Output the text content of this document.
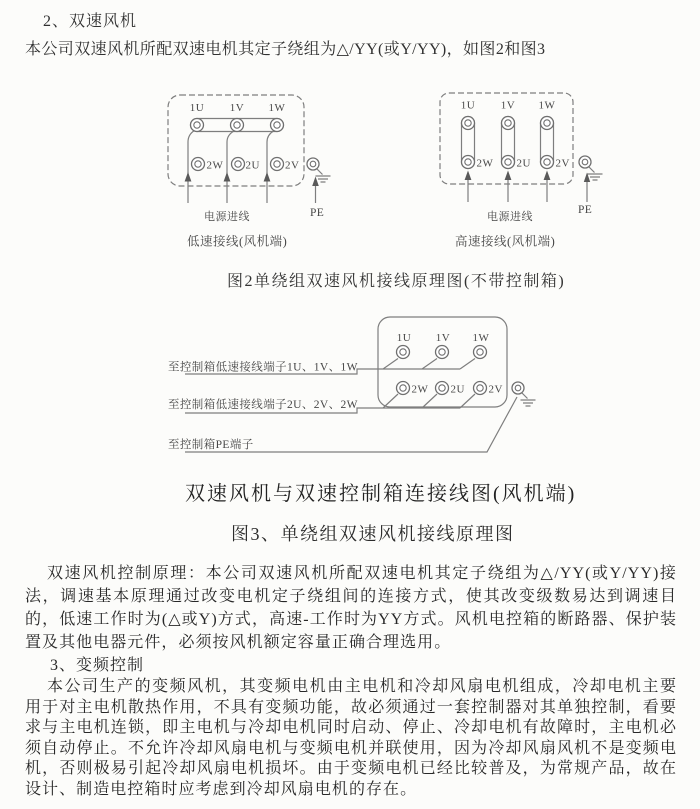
2、双速风机
本公司双速风机所配双速电机其定子绕组为△/YY(或Y/YY)，如图2和图3
1U 1V 1W
2W 2U 2V
电源进线	PE
低速接线(风机端)
1U 1V 1W
2W 2U 2V
电源进线
PE
高速接线(风机端)
图2单绕组双速风机接线原理图(不带控制箱)
1U 1V 1W
2W 2U 2V
至控制箱低速接线端子1U、1V、1W
至控制箱低速接线端子2U、2V、2W
至控制箱PE端子
双速风机与双速控制箱连接线图(风机端)
图3、单绕组双速风机接线原理图

双速风机控制原理：本公司双速风机所配双速电机其定子绕组为△/YY(或Y/YY)接法，调速基本原理通过改变电机定子绕组间的连接方式，使其改变级数易达到调速目的，低速工作时为(△或Y)方式，高速-工作时为YY方式。风机电控箱的断路器、保护装置及其他电器元件，必须按风机额定容量正确合理选用。

3、变频控制

本公司生产的变频风机，其变频电机由主电机和冷却风扇电机组成，冷却电机主要用于对主电机散热作用，不具有变频功能，故必须通过一套控制器对其单独控制，看要求与主电机连锁，即主电机与冷却电机同时启动、停止、冷却电机有故障时，主电机必须自动停止。不允许冷却风扇电机与变频电机并联使用，因为冷却风扇风机不是变频电机，否则极易引起冷却风扇电机损坏。由于变频电机已经比较普及，为常规产品，故在设计、制造电控箱时应考虑到冷却风扇电机的存在。
